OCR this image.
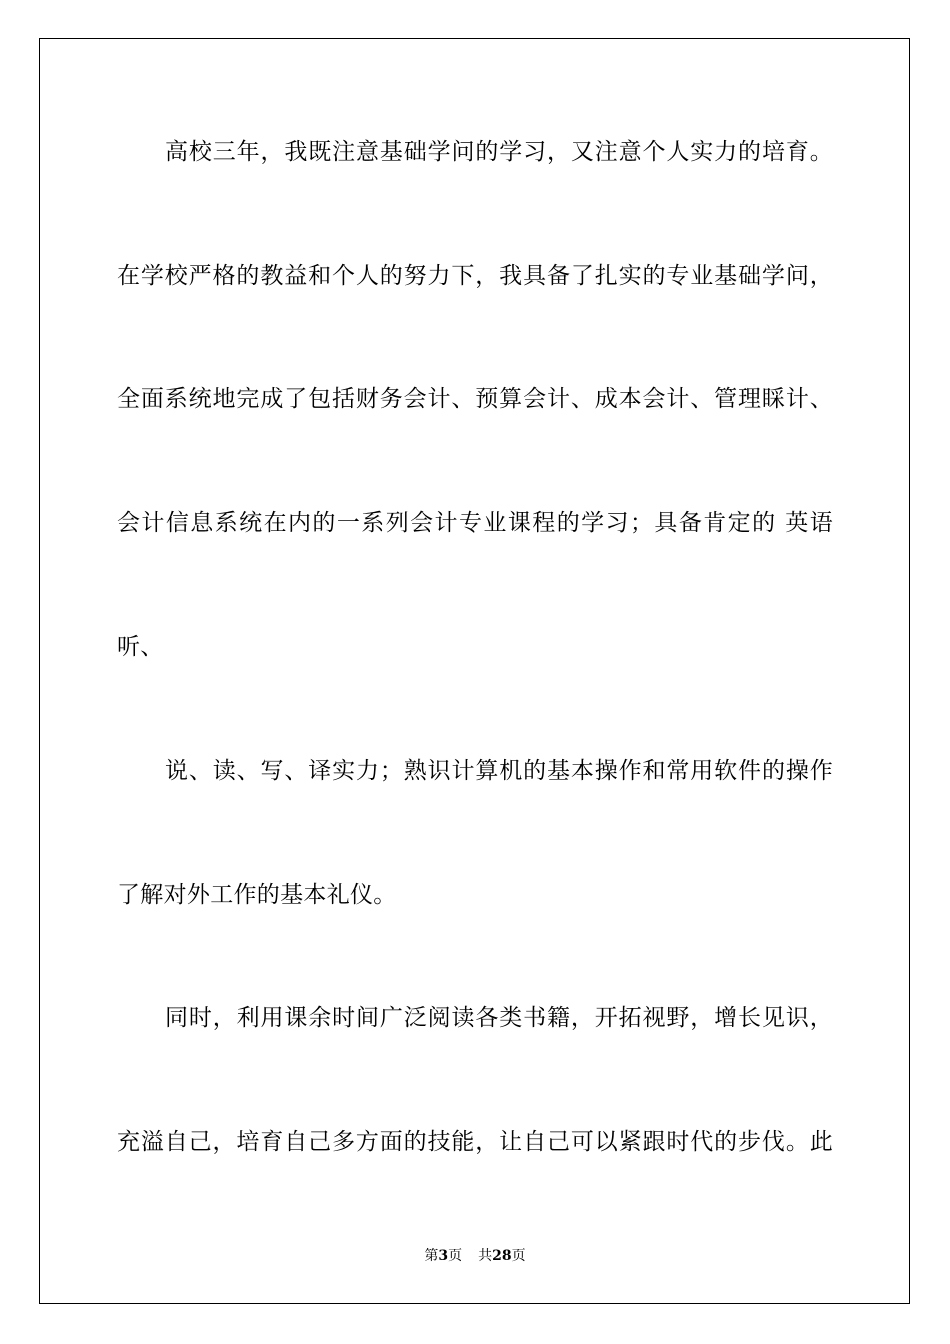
高校三年，我既注意基础学问的学习，又注意个人实力的培育。
在学校严格的教益和个人的努力下，我具备了扎实的专业基础学问，
全面系统地完成了包括财务会计、预算会计、成本会计、管理睬计、
会计信息系统在内的一系列会计专业课程的学习；具备肯定的 英语
听、
说、读、写、译实力；熟识计算机的基本操作和常用软件的操作
了解对外工作的基本礼仪。
同时，利用课余时间广泛阅读各类书籍，开拓视野，增长见识，
充溢自己，培育自己多方面的技能，让自己可以紧跟时代的步伐。此
第3页 共28页
